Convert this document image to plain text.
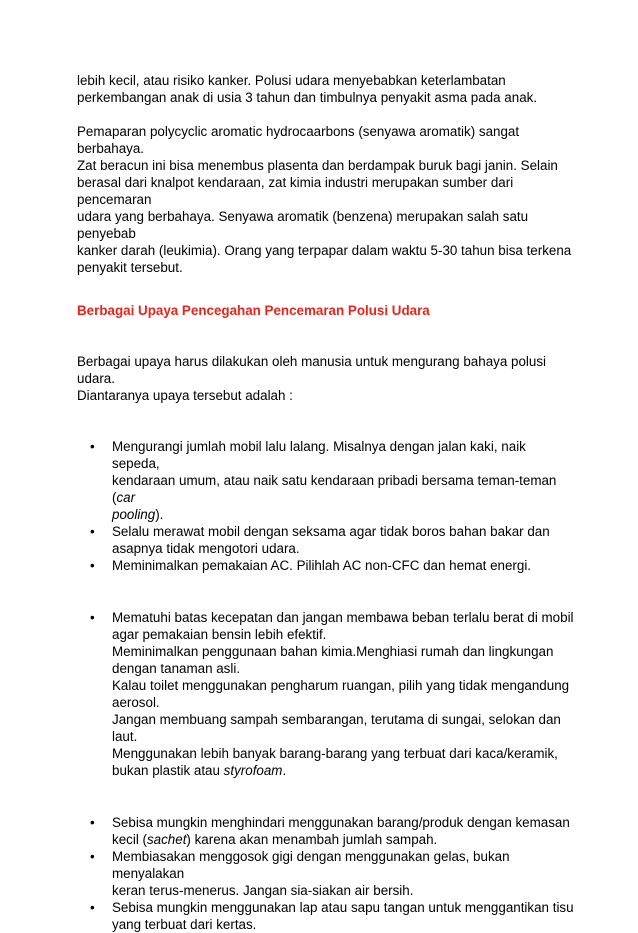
lebih kecil, atau risiko kanker. Polusi udara menyebabkan keterlambatan
perkembangan anak di usia 3 tahun dan timbulnya penyakit asma pada anak.

Pemaparan polycyclic aromatic hydrocaarbons (senyawa aromatik) sangat berbahaya.
Zat beracun ini bisa menembus plasenta dan berdampak buruk bagi janin. Selain
berasal dari knalpot kendaraan, zat kimia industri merupakan sumber dari pencemaran
udara yang berbahaya. Senyawa aromatik (benzena) merupakan salah satu penyebab
kanker darah (leukimia). Orang yang terpapar dalam waktu 5-30 tahun bisa terkena
penyakit tersebut.

Berbagai Upaya Pencegahan Pencemaran Polusi Udara

Berbagai upaya harus dilakukan oleh manusia untuk mengurang bahaya polusi udara.
Diantaranya upaya tersebut adalah :

• Mengurangi jumlah mobil lalu lalang. Misalnya dengan jalan kaki, naik sepeda,
kendaraan umum, atau naik satu kendaraan pribadi bersama teman-teman (car
pooling).
• Selalu merawat mobil dengan seksama agar tidak boros bahan bakar dan
asapnya tidak mengotori udara.
• Meminimalkan pemakaian AC. Pilihlah AC non-CFC dan hemat energi.
• Mematuhi batas kecepatan dan jangan membawa beban terlalu berat di mobil
agar pemakaian bensin lebih efektif.
Meminimalkan penggunaan bahan kimia.Menghiasi rumah dan lingkungan
dengan tanaman asli.
Kalau toilet menggunakan pengharum ruangan, pilih yang tidak mengandung
aerosol.
Jangan membuang sampah sembarangan, terutama di sungai, selokan dan laut.
Menggunakan lebih banyak barang-barang yang terbuat dari kaca/keramik,
bukan plastik atau styrofoam.
• Sebisa mungkin menghindari menggunakan barang/produk dengan kemasan
kecil (sachet) karena akan menambah jumlah sampah.
• Membiasakan menggosok gigi dengan menggunakan gelas, bukan menyalakan
keran terus-menerus. Jangan sia-siakan air bersih.
• Sebisa mungkin menggunakan lap atau sapu tangan untuk menggantikan tisu
yang terbuat dari kertas.
